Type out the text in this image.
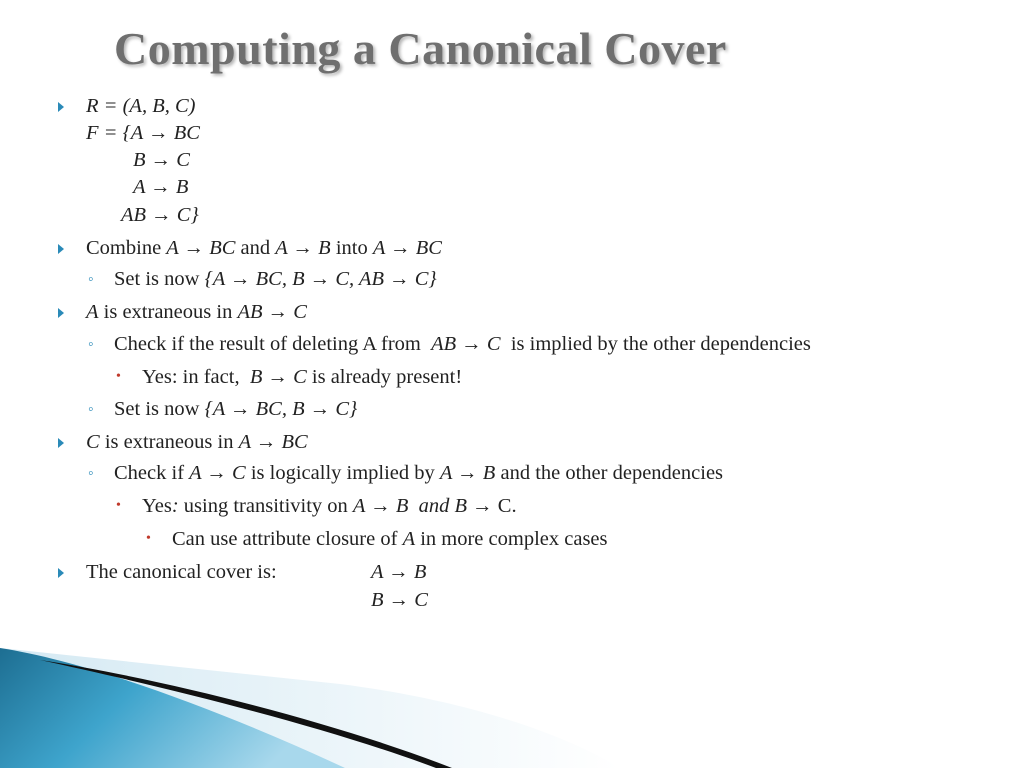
Computing a Canonical Cover
R = (A, B, C)
F = {A → BC
B → C
A → B
AB → C}
Combine A → BC and A → B into A → BC
◦ Set is now {A → BC, B → C, AB → C}
A is extraneous in AB → C
◦ Check if the result of deleting A from AB → C is implied by the other dependencies
• Yes: in fact, B → C is already present!
◦ Set is now {A → BC, B → C}
C is extraneous in A → BC
◦ Check if A → C is logically implied by A → B and the other dependencies
• Yes: using transitivity on A → B and B → C.
• Can use attribute closure of A in more complex cases
The canonical cover is:	A → B
B → C
